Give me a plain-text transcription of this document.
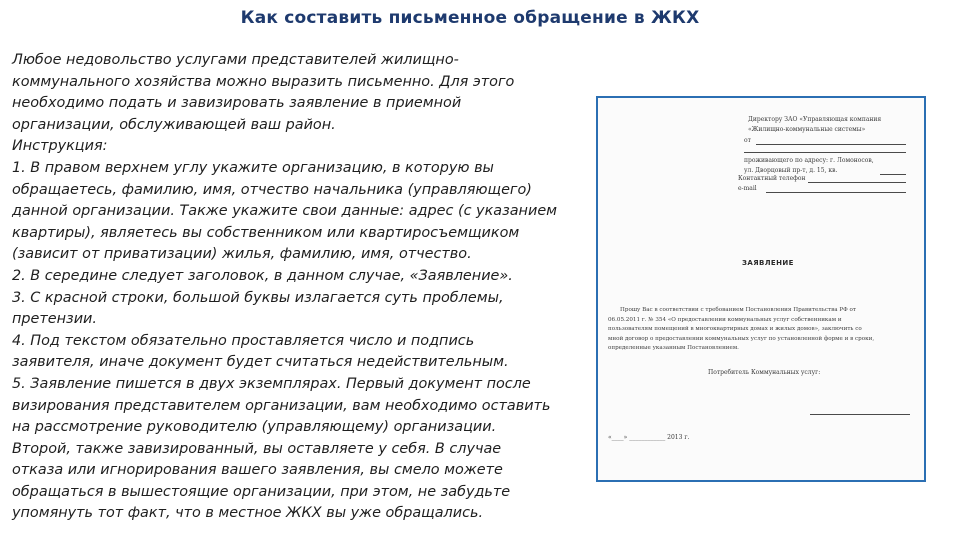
Как составить письменное обращение в ЖКХ
Любое недовольство услугами представителей жилищно-
коммунального хозяйства можно выразить письменно. Для этого
необходимо подать и завизировать заявление в приемной
организации, обслуживающей ваш район.
Инструкция:
1. В правом верхнем углу укажите организацию, в которую вы
обращаетесь, фамилию, имя, отчество начальника (управляющего)
данной организации. Также укажите свои данные: адрес (с указанием
квартиры), являетесь вы собственником или квартиросъемщиком
(зависит от приватизации) жилья, фамилию, имя, отчество.
2. В середине следует заголовок, в данном случае, «Заявление».
3. С красной строки, большой буквы излагается суть проблемы,
претензии.
4. Под текстом обязательно проставляется число и подпись
заявителя, иначе документ будет считаться недействительным.
5. Заявление пишется в двух экземплярах. Первый документ после
визирования представителем организации, вам необходимо оставить
на рассмотрение руководителю (управляющему) организации.
Второй, также завизированный, вы оставляете у себя. В случае
отказа или игнорирования вашего заявления, вы смело можете
обращаться в вышестоящие организации, при этом, не забудьте
упомянуть тот факт, что в местное ЖКХ вы уже обращались.
Директору ЗАО «Управляющая компания
«Жилищно-коммунальные системы»
от
проживающего по адресу: г. Ломоносов,
ул. Дворцовый пр-т, д. 15, кв.
Контактный телефон
e-mail
ЗАЯВЛЕНИЕ
Прошу Вас в соответствии с требованием Постановления Правительства РФ от
06.05.2011 г. № 354 «О предоставлении коммунальных услуг собственникам и
пользователям помещений в многоквартирных домах и жилых домов», заключить со
мной договор о предоставлении коммунальных услуг по установленной форме и в сроки,
определенные указанным Постановлением.
Потребитель Коммунальных услуг:
«____» ____________ 2013 г.
